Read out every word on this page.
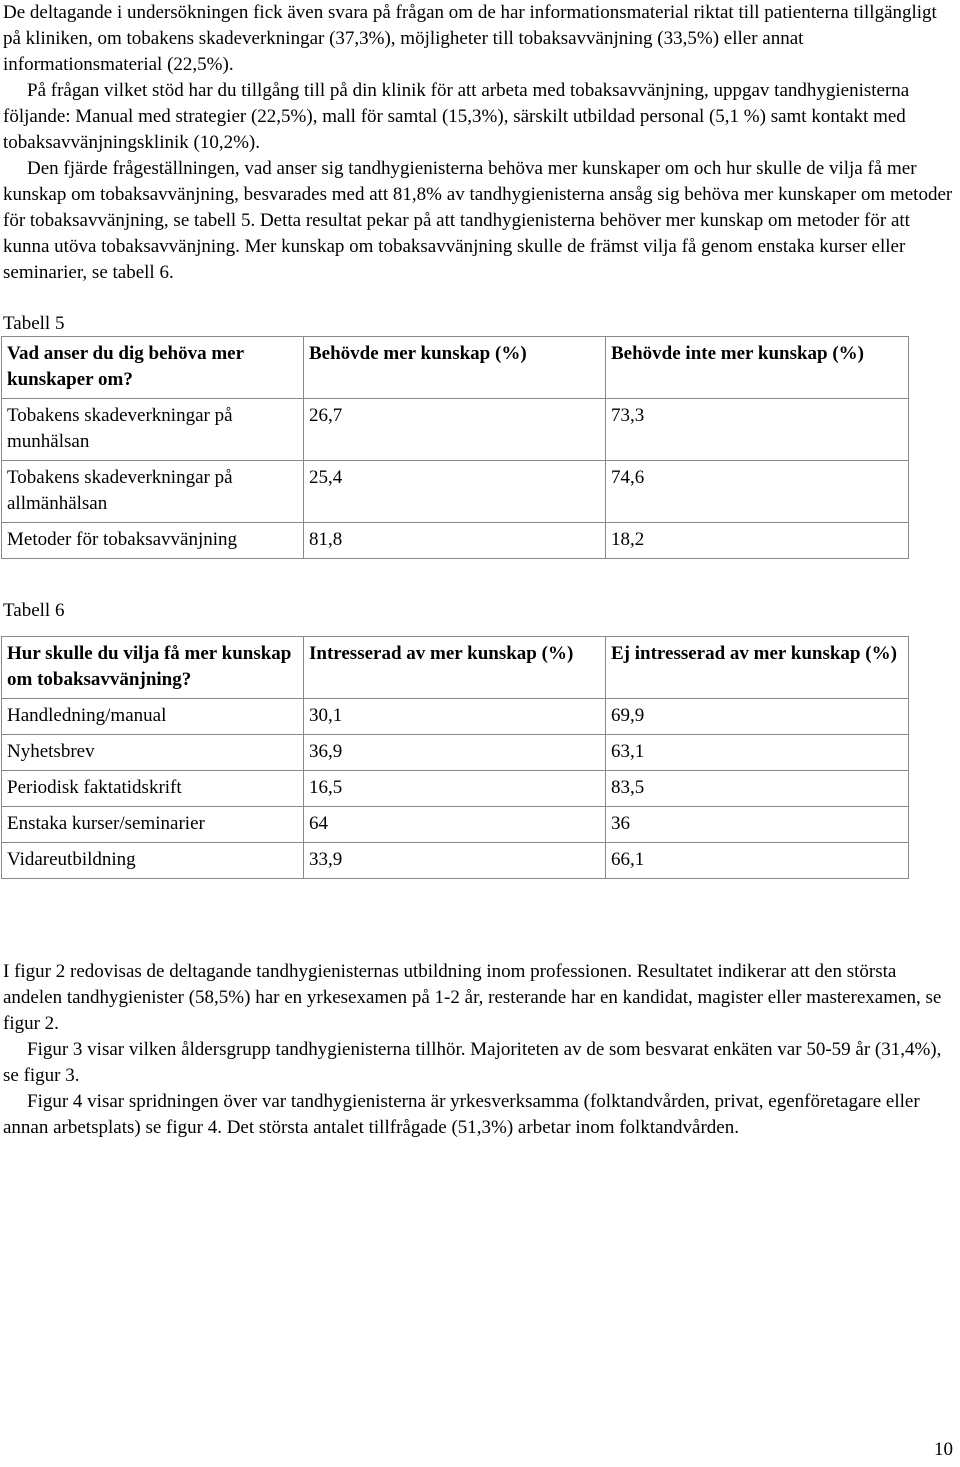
De deltagande i undersökningen fick även svara på frågan om de har informationsmaterial riktat till patienterna tillgängligt på kliniken, om tobakens skadeverkningar (37,3%), möjligheter till tobaksavvänjning (33,5%) eller annat informationsmaterial (22,5%).

På frågan vilket stöd har du tillgång till på din klinik för att arbeta med tobaksavvänjning, uppgav tandhygienisterna följande: Manual med strategier (22,5%), mall för samtal (15,3%), särskilt utbildad personal (5,1 %) samt kontakt med tobaksavvänjningsklinik (10,2%).

Den fjärde frågeställningen, vad anser sig tandhygienisterna behöva mer kunskaper om och hur skulle de vilja få mer kunskap om tobaksavvänjning, besvarades med att 81,8% av tandhygienisterna ansåg sig behöva mer kunskaper om metoder för tobaksavvänjning, se tabell 5. Detta resultat pekar på att tandhygienisterna behöver mer kunskap om metoder för att kunna utöva tobaksavvänjning. Mer kunskap om tobaksavvänjning skulle de främst vilja få genom enstaka kurser eller seminarier, se tabell 6.

Tabell 5
Vad anser du dig behöva mer kunskaper om?	Behövde mer kunskap (%)	Behövde inte mer kunskap (%)
Tobakens skadeverkningar på munhälsan	26,7	73,3
Tobakens skadeverkningar på allmänhälsan	25,4	74,6
Metoder för tobaksavvänjning	81,8	18,2
Tabell 6
Hur skulle du vilja få mer kunskap om tobaksavvänjning?	Intresserad av mer kunskap (%)	Ej intresserad av mer kunskap (%)
Handledning/manual	30,1	69,9
Nyhetsbrev	36,9	63,1
Periodisk faktatidskrift	16,5	83,5
Enstaka kurser/seminarier	64	36
Vidareutbildning	33,9	66,1

I figur 2 redovisas de deltagande tandhygienisternas utbildning inom professionen. Resultatet indikerar att den största andelen tandhygienister (58,5%) har en yrkesexamen på 1-2 år, resterande har en kandidat, magister eller masterexamen, se figur 2.

Figur 3 visar vilken åldersgrupp tandhygienisterna tillhör. Majoriteten av de som besvarat enkäten var 50-59 år (31,4%), se figur 3.

Figur 4 visar spridningen över var tandhygienisterna är yrkesverksamma (folktandvården, privat, egenföretagare eller annan arbetsplats) se figur 4. Det största antalet tillfrågade (51,3%) arbetar inom folktandvården.

10
